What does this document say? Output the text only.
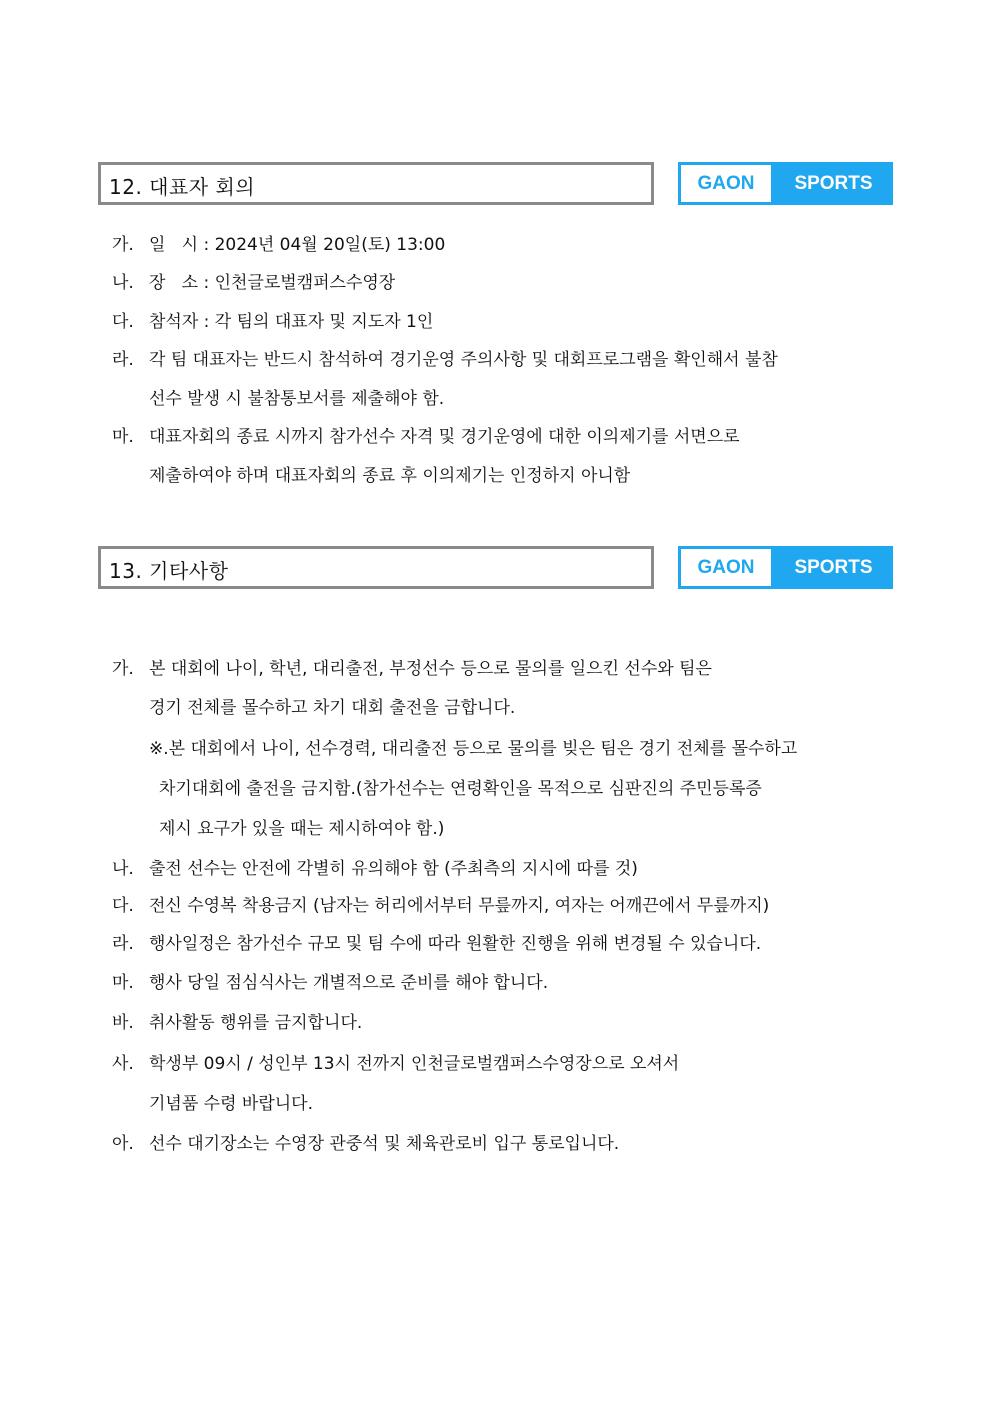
12. 대표자 회의	GAON	SPORTS
가. 일   시 : 2024년 04월 20일(토) 13:00
나. 장   소 : 인천글로벌캠퍼스수영장
다. 참석자 : 각 팀의 대표자 및 지도자 1인
라. 각 팀 대표자는 반드시 참석하여 경기운영 주의사항 및 대회프로그램을 확인해서 불참
선수 발생 시 불참통보서를 제출해야 함.
마. 대표자회의 종료 시까지 참가선수 자격 및 경기운영에 대한 이의제기를 서면으로
제출하여야 하며 대표자회의 종료 후 이의제기는 인정하지 아니함
13. 기타사항	GAON	SPORTS
가. 본 대회에 나이, 학년, 대리출전, 부정선수 등으로 물의를 일으킨 선수와 팀은
경기 전체를 몰수하고 차기 대회 출전을 금합니다.
※.본 대회에서 나이, 선수경력, 대리출전 등으로 물의를 빚은 팀은 경기 전체를 몰수하고
차기대회에 출전을 금지함.(참가선수는 연령확인을 목적으로 심판진의 주민등록증
제시 요구가 있을 때는 제시하여야 함.)
나. 출전 선수는 안전에 각별히 유의해야 함 (주최측의 지시에 따를 것)
다. 전신 수영복 착용금지 (남자는 허리에서부터 무릎까지, 여자는 어깨끈에서 무릎까지)
라. 행사일정은 참가선수 규모 및 팀 수에 따라 원활한 진행을 위해 변경될 수 있습니다.
마. 행사 당일 점심식사는 개별적으로 준비를 해야 합니다.
바. 취사활동 행위를 금지합니다.
사. 학생부 09시 / 성인부 13시 전까지 인천글로벌캠퍼스수영장으로 오셔서
기념품 수령 바랍니다.
아. 선수 대기장소는 수영장 관중석 및 체육관로비 입구 통로입니다.
